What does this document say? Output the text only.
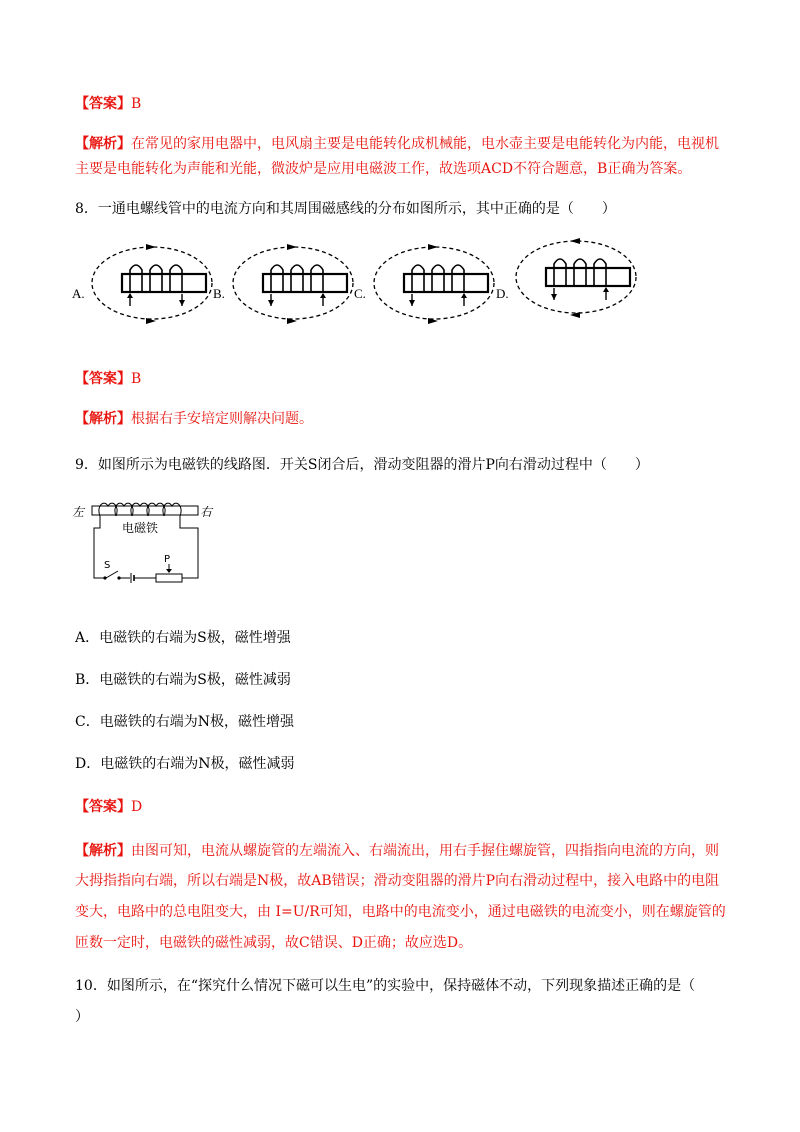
【答案】B
【解析】在常见的家用电器中，电风扇主要是电能转化成机械能，电水壶主要是电能转化为内能，电视机
主要是电能转化为声能和光能，微波炉是应用电磁波工作，故选项ACD不符合题意，B正确为答案。
8．一通电螺线管中的电流方向和其周围磁感线的分布如图所示，其中正确的是（　　）
A.	B.	C.	D.
【答案】B
【解析】根据右手安培定则解决问题。
9．如图所示为电磁铁的线路图．开关S闭合后，滑动变阻器的滑片P向右滑动过程中（　　）
左	右
电磁铁
S
P
A．电磁铁的右端为S极，磁性增强
B．电磁铁的右端为S极，磁性减弱
C．电磁铁的右端为N极，磁性增强
D．电磁铁的右端为N极，磁性减弱
【答案】D
【解析】由图可知，电流从螺旋管的左端流入、右端流出，用右手握住螺旋管，四指指向电流的方向，则
大拇指指向右端，所以右端是N极，故AB错误；滑动变阻器的滑片P向右滑动过程中，接入电路中的电阻
变大，电路中的总电阻变大，由 I=U/R可知，电路中的电流变小，通过电磁铁的电流变小，则在螺旋管的
匝数一定时，电磁铁的磁性减弱，故C错误、D正确；故应选D。
10．如图所示，在“探究什么情况下磁可以生电”的实验中，保持磁体不动，下列现象描述正确的是（
）
